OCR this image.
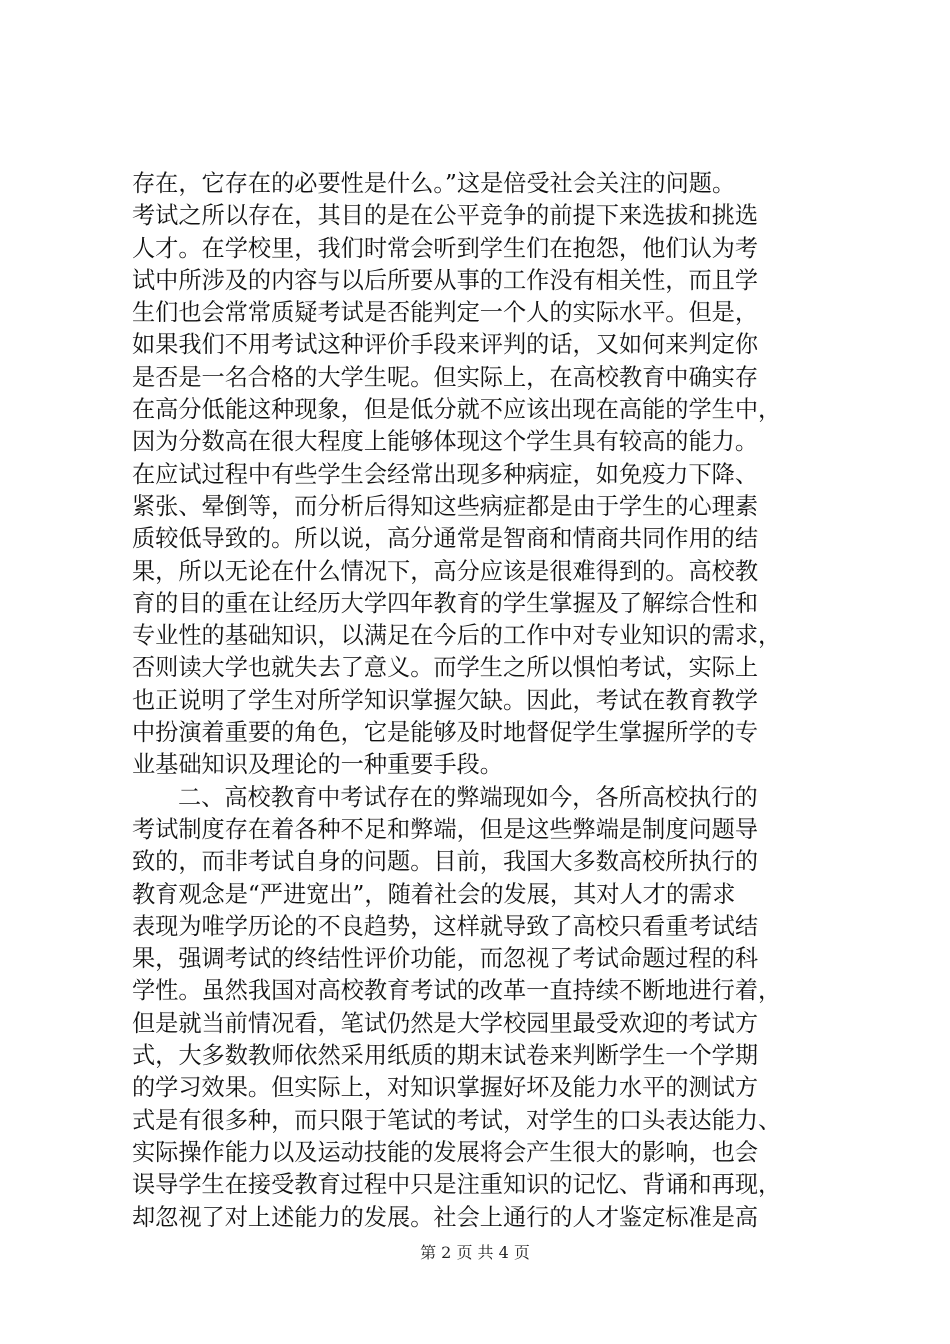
存在，它存在的必要性是什么。”这是倍受社会关注的问题。
考试之所以存在，其目的是在公平竞争的前提下来选拔和挑选
人才。在学校里，我们时常会听到学生们在抱怨，他们认为考
试中所涉及的内容与以后所要从事的工作没有相关性，而且学
生们也会常常质疑考试是否能判定一个人的实际水平。但是，
如果我们不用考试这种评价手段来评判的话，又如何来判定你
是否是一名合格的大学生呢。但实际上，在高校教育中确实存
在高分低能这种现象，但是低分就不应该出现在高能的学生中，
因为分数高在很大程度上能够体现这个学生具有较高的能力。
在应试过程中有些学生会经常出现多种病症，如免疫力下降、
紧张、晕倒等，而分析后得知这些病症都是由于学生的心理素
质较低导致的。所以说，高分通常是智商和情商共同作用的结
果，所以无论在什么情况下，高分应该是很难得到的。高校教
育的目的重在让经历大学四年教育的学生掌握及了解综合性和
专业性的基础知识，以满足在今后的工作中对专业知识的需求，
否则读大学也就失去了意义。而学生之所以惧怕考试，实际上
也正说明了学生对所学知识掌握欠缺。因此，考试在教育教学
中扮演着重要的角色，它是能够及时地督促学生掌握所学的专
业基础知识及理论的一种重要手段。
二、高校教育中考试存在的弊端现如今，各所高校执行的
考试制度存在着各种不足和弊端，但是这些弊端是制度问题导
致的，而非考试自身的问题。目前，我国大多数高校所执行的
教育观念是“严进宽出”，随着社会的发展，其对人才的需求
表现为唯学历论的不良趋势，这样就导致了高校只看重考试结
果，强调考试的终结性评价功能，而忽视了考试命题过程的科
学性。虽然我国对高校教育考试的改革一直持续不断地进行着，
但是就当前情况看，笔试仍然是大学校园里最受欢迎的考试方
式，大多数教师依然采用纸质的期末试卷来判断学生一个学期
的学习效果。但实际上，对知识掌握好坏及能力水平的测试方
式是有很多种，而只限于笔试的考试，对学生的口头表达能力、
实际操作能力以及运动技能的发展将会产生很大的影响，也会
误导学生在接受教育过程中只是注重知识的记忆、背诵和再现，
却忽视了对上述能力的发展。社会上通行的人才鉴定标准是高
第 2 页 共 4 页
